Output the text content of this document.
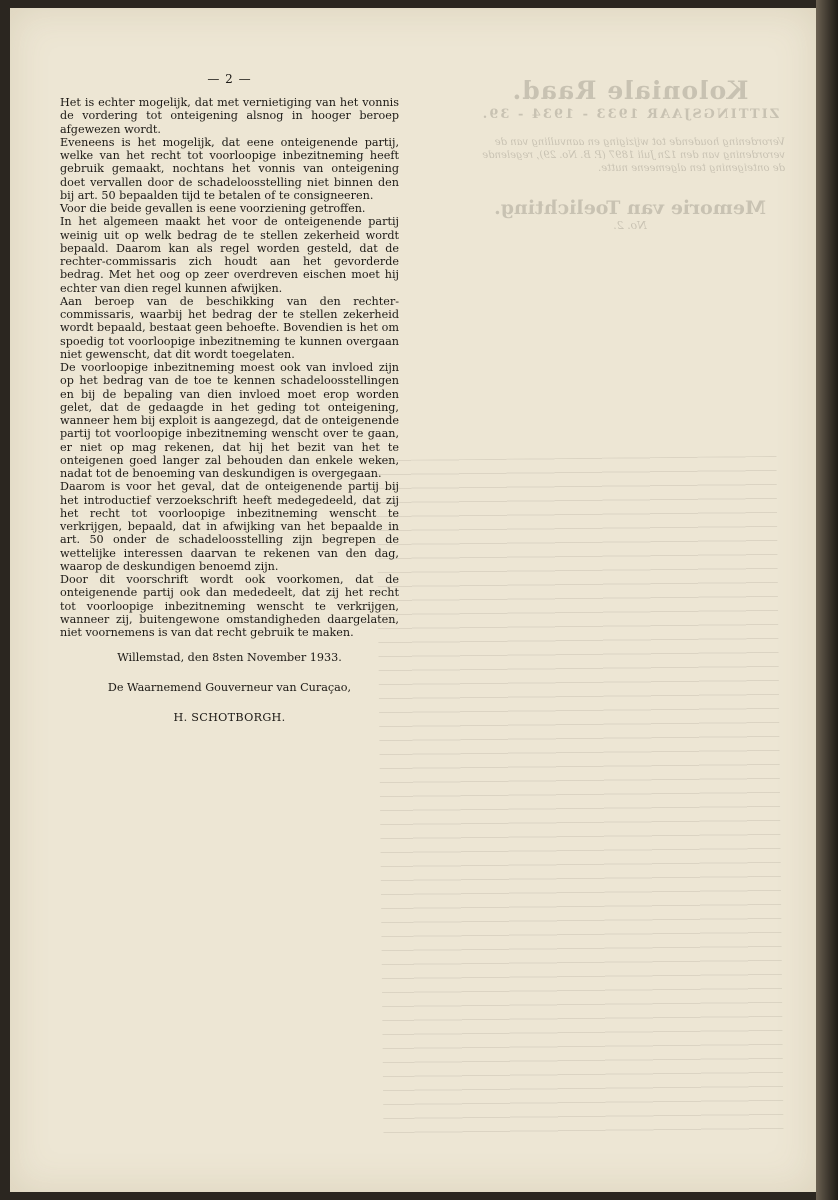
Koloniale Raad.
ZITTINGSJAAR 1933 - 1934 - 39.
Verordening houdende tot wijziging en aanvulling van de verordening van den 12n Juli 1897 (P. B. No. 29), regelende de onteigening ten algemeene nutte.
Memorie van Toelichting.
No. 2.
— 2 —

Het is echter mogelijk, dat met vernietiging van het vonnis de vordering tot onteigening alsnog in hooger beroep afgewezen wordt.

Eveneens is het mogelijk, dat eene onteigenende partij, welke van het recht tot voorloopige inbezitneming heeft gebruik gemaakt, nochtans het vonnis van onteigening doet vervallen door de schadeloosstelling niet binnen den bij art. 50 bepaalden tijd te betalen of te consigneeren.

Voor die beide gevallen is eene voorziening getroffen.

In het algemeen maakt het voor de onteigenende partij weinig uit op welk bedrag de te stellen zekerheid wordt bepaald. Daarom kan als regel worden gesteld, dat de rechter-commissaris zich houdt aan het gevorderde bedrag. Met het oog op zeer overdreven eischen moet hij echter van dien regel kunnen afwijken.

Aan beroep van de beschikking van den rechter-commissaris, waarbij het bedrag der te stellen zekerheid wordt bepaald, bestaat geen behoefte. Bovendien is het om spoedig tot voorloopige inbezitneming te kunnen overgaan niet gewenscht, dat dit wordt toegelaten.

De voorloopige inbezitneming moest ook van invloed zijn op het bedrag van de toe te kennen schadeloosstellingen en bij de bepaling van dien invloed moet erop worden gelet, dat de gedaagde in het geding tot onteigening, wanneer hem bij exploit is aangezegd, dat de onteigenende partij tot voorloopige inbezitneming wenscht over te gaan, er niet op mag rekenen, dat hij het bezit van het te onteigenen goed langer zal behouden dan enkele weken, nadat tot de benoeming van deskundigen is overgegaan.

Daarom is voor het geval, dat de onteigenende partij bij het introductief verzoekschrift heeft medegedeeld, dat zij het recht tot voorloopige inbezitneming wenscht te verkrijgen, bepaald, dat in afwijking van het bepaalde in art. 50 onder de schadeloosstelling zijn begrepen de wettelijke interessen daarvan te rekenen van den dag, waarop de deskundigen benoemd zijn.

Door dit voorschrift wordt ook voorkomen, dat de onteigenende partij ook dan mededeelt, dat zij het recht tot voorloopige inbezitneming wenscht te verkrijgen, wanneer zij, buitengewone omstandigheden daargelaten, niet voornemens is van dat recht gebruik te maken.

Willemstad, den 8sten November 1933.

De Waarnemend Gouverneur van Curaçao,

H. SCHOTBORGH.
